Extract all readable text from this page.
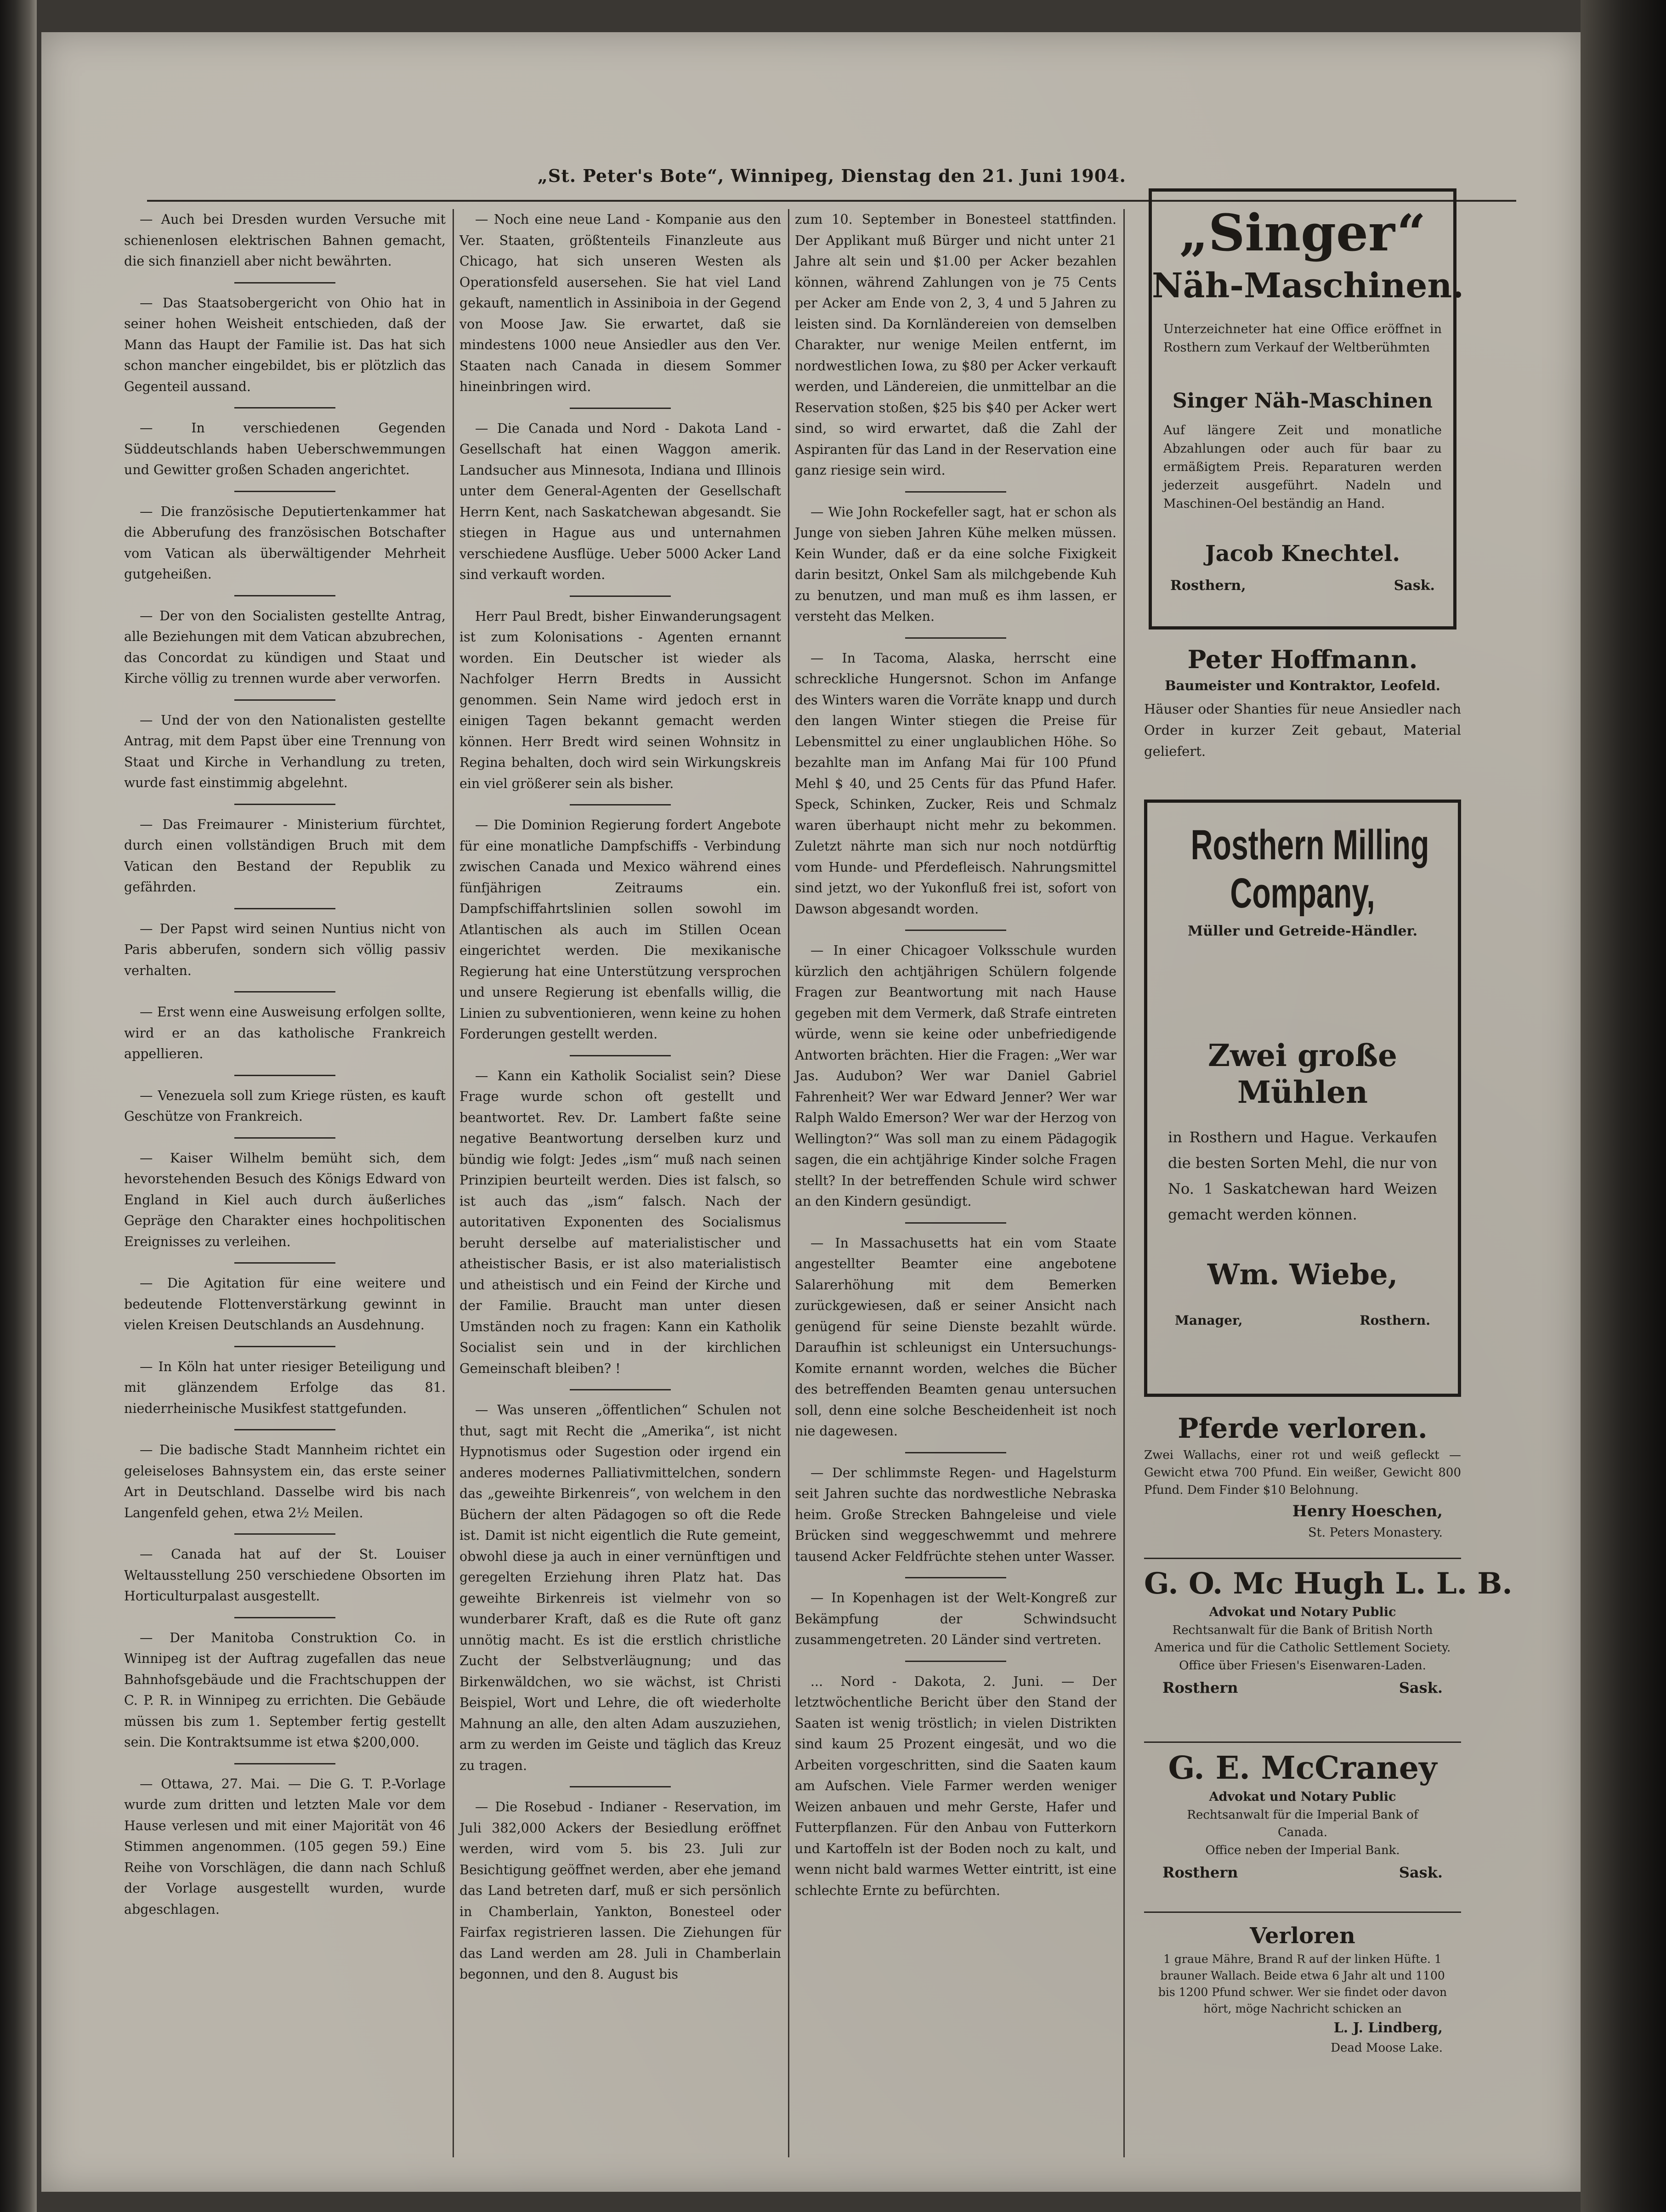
„St. Peter's Bote“, Winnipeg, Dienstag den 21. Juni 1904.

— Auch bei Dresden wurden Versuche mit schienenlosen elektrischen Bahnen gemacht, die sich finanziell aber nicht bewährten.

— Das Staatsobergericht von Ohio hat in seiner hohen Weisheit entschieden, daß der Mann das Haupt der Familie ist. Das hat sich schon mancher eingebildet, bis er plötzlich das Gegenteil aussand.

— In verschiedenen Gegenden Süddeutschlands haben Ueberschwemmungen und Gewitter großen Schaden angerichtet.

— Die französische Deputiertenkammer hat die Abberufung des französischen Botschafter vom Vatican als überwältigender Mehrheit gutgeheißen.

— Der von den Socialisten gestellte Antrag, alle Beziehungen mit dem Vatican abzubrechen, das Concordat zu kündigen und Staat und Kirche völlig zu trennen wurde aber verworfen.

— Und der von den Nationalisten gestellte Antrag, mit dem Papst über eine Trennung von Staat und Kirche in Verhandlung zu treten, wurde fast einstimmig abgelehnt.

— Das Freimaurer - Ministerium fürchtet, durch einen vollständigen Bruch mit dem Vatican den Bestand der Republik zu gefährden.

— Der Papst wird seinen Nuntius nicht von Paris abberufen, sondern sich völlig passiv verhalten.

— Erst wenn eine Ausweisung erfolgen sollte, wird er an das katholische Frankreich appellieren.

— Venezuela soll zum Kriege rüsten, es kauft Geschütze von Frankreich.

— Kaiser Wilhelm bemüht sich, dem hevorstehenden Besuch des Königs Edward von England in Kiel auch durch äußerliches Gepräge den Charakter eines hochpolitischen Ereignisses zu verleihen.

— Die Agitation für eine weitere und bedeutende Flottenverstärkung gewinnt in vielen Kreisen Deutschlands an Ausdehnung.

— In Köln hat unter riesiger Beteiligung und mit glänzendem Erfolge das 81. niederrheinische Musikfest stattgefunden.

— Die badische Stadt Mannheim richtet ein geleiseloses Bahnsystem ein, das erste seiner Art in Deutschland. Dasselbe wird bis nach Langenfeld gehen, etwa 2½ Meilen.

— Canada hat auf der St. Louiser Weltausstellung 250 verschiedene Obsorten im Horticulturpalast ausgestellt.

— Der Manitoba Construktion Co. in Winnipeg ist der Auftrag zugefallen das neue Bahnhofsgebäude und die Frachtschuppen der C. P. R. in Winnipeg zu errichten. Die Gebäude müssen bis zum 1. September fertig gestellt sein. Die Kontraktsumme ist etwa $200,000.

— Ottawa, 27. Mai. — Die G. T. P.-Vorlage wurde zum dritten und letzten Male vor dem Hause verlesen und mit einer Majorität von 46 Stimmen angenommen. (105 gegen 59.) Eine Reihe von Vorschlägen, die dann nach Schluß der Vorlage ausgestellt wurden, wurde abgeschlagen.

— Noch eine neue Land - Kompanie aus den Ver. Staaten, größtenteils Finanzleute aus Chicago, hat sich unseren Westen als Operationsfeld ausersehen. Sie hat viel Land gekauft, namentlich in Assiniboia in der Gegend von Moose Jaw. Sie erwartet, daß sie mindestens 1000 neue Ansiedler aus den Ver. Staaten nach Canada in diesem Sommer hineinbringen wird.

— Die Canada und Nord - Dakota Land - Gesellschaft hat einen Waggon amerik. Landsucher aus Minnesota, Indiana und Illinois unter dem General-Agenten der Gesellschaft Herrn Kent, nach Saskatchewan abgesandt. Sie stiegen in Hague aus und unternahmen verschiedene Ausflüge. Ueber 5000 Acker Land sind verkauft worden.

Herr Paul Bredt, bisher Einwanderungsagent ist zum Kolonisations - Agenten ernannt worden. Ein Deutscher ist wieder als Nachfolger Herrn Bredts in Aussicht genommen. Sein Name wird jedoch erst in einigen Tagen bekannt gemacht werden können. Herr Bredt wird seinen Wohnsitz in Regina behalten, doch wird sein Wirkungskreis ein viel größerer sein als bisher.

— Die Dominion Regierung fordert Angebote für eine monatliche Dampfschiffs - Verbindung zwischen Canada und Mexico während eines fünfjährigen Zeitraums ein. Dampfschiffahrtslinien sollen sowohl im Atlantischen als auch im Stillen Ocean eingerichtet werden. Die mexikanische Regierung hat eine Unterstützung versprochen und unsere Regierung ist ebenfalls willig, die Linien zu subventionieren, wenn keine zu hohen Forderungen gestellt werden.

— Kann ein Katholik Socialist sein? Diese Frage wurde schon oft gestellt und beantwortet. Rev. Dr. Lambert faßte seine negative Beantwortung derselben kurz und bündig wie folgt: Jedes „ism“ muß nach seinen Prinzipien beurteilt werden. Dies ist falsch, so ist auch das „ism“ falsch. Nach der autoritativen Exponenten des Socialismus beruht derselbe auf materialistischer und atheistischer Basis, er ist also materialistisch und atheistisch und ein Feind der Kirche und der Familie. Braucht man unter diesen Umständen noch zu fragen: Kann ein Katholik Socialist sein und in der kirchlichen Gemeinschaft bleiben? !

— Was unseren „öffentlichen“ Schulen not thut, sagt mit Recht die „Amerika“, ist nicht Hypnotismus oder Sugestion oder irgend ein anderes modernes Palliativmittelchen, sondern das „geweihte Birkenreis“, von welchem in den Büchern der alten Pädagogen so oft die Rede ist. Damit ist nicht eigentlich die Rute gemeint, obwohl diese ja auch in einer vernünftigen und geregelten Erziehung ihren Platz hat. Das geweihte Birkenreis ist vielmehr von so wunderbarer Kraft, daß es die Rute oft ganz unnötig macht. Es ist die erstlich christliche Zucht der Selbstverläugnung; und das Birkenwäldchen, wo sie wächst, ist Christi Beispiel, Wort und Lehre, die oft wiederholte Mahnung an alle, den alten Adam auszuziehen, arm zu werden im Geiste und täglich das Kreuz zu tragen.

— Die Rosebud - Indianer - Reservation, im Juli 382,000 Ackers der Besiedlung eröffnet werden, wird vom 5. bis 23. Juli zur Besichtigung geöffnet werden, aber ehe jemand das Land betreten darf, muß er sich persönlich in Chamberlain, Yankton, Bonesteel oder Fairfax registrieren lassen. Die Ziehungen für das Land werden am 28. Juli in Chamberlain begonnen, und den 8. August bis

zum 10. September in Bonesteel stattfinden. Der Applikant muß Bürger und nicht unter 21 Jahre alt sein und $1.00 per Acker bezahlen können, während Zahlungen von je 75 Cents per Acker am Ende von 2, 3, 4 und 5 Jahren zu leisten sind. Da Kornländereien von demselben Charakter, nur wenige Meilen entfernt, im nordwestlichen Iowa, zu $80 per Acker verkauft werden, und Ländereien, die unmittelbar an die Reservation stoßen, $25 bis $40 per Acker wert sind, so wird erwartet, daß die Zahl der Aspiranten für das Land in der Reservation eine ganz riesige sein wird.

— Wie John Rockefeller sagt, hat er schon als Junge von sieben Jahren Kühe melken müssen. Kein Wunder, daß er da eine solche Fixigkeit darin besitzt, Onkel Sam als milchgebende Kuh zu benutzen, und man muß es ihm lassen, er versteht das Melken.

— In Tacoma, Alaska, herrscht eine schreckliche Hungersnot. Schon im Anfange des Winters waren die Vorräte knapp und durch den langen Winter stiegen die Preise für Lebensmittel zu einer unglaublichen Höhe. So bezahlte man im Anfang Mai für 100 Pfund Mehl $ 40, und 25 Cents für das Pfund Hafer. Speck, Schinken, Zucker, Reis und Schmalz waren überhaupt nicht mehr zu bekommen. Zuletzt nährte man sich nur noch notdürftig vom Hunde- und Pferdefleisch. Nahrungsmittel sind jetzt, wo der Yukonfluß frei ist, sofort von Dawson abgesandt worden.

— In einer Chicagoer Volksschule wurden kürzlich den achtjährigen Schülern folgende Fragen zur Beantwortung mit nach Hause gegeben mit dem Vermerk, daß Strafe eintreten würde, wenn sie keine oder unbefriedigende Antworten brächten. Hier die Fragen: „Wer war Jas. Audubon? Wer war Daniel Gabriel Fahrenheit? Wer war Edward Jenner? Wer war Ralph Waldo Emerson? Wer war der Herzog von Wellington?“ Was soll man zu einem Pädagogik sagen, die ein achtjährige Kinder solche Fragen stellt? In der betreffenden Schule wird schwer an den Kindern gesündigt.

— In Massachusetts hat ein vom Staate angestellter Beamter eine angebotene Salarerhöhung mit dem Bemerken zurückgewiesen, daß er seiner Ansicht nach genügend für seine Dienste bezahlt würde. Daraufhin ist schleunigst ein Untersuchungs-Komite ernannt worden, welches die Bücher des betreffenden Beamten genau untersuchen soll, denn eine solche Bescheidenheit ist noch nie dagewesen.

— Der schlimmste Regen- und Hagelsturm seit Jahren suchte das nordwestliche Nebraska heim. Große Strecken Bahngeleise und viele Brücken sind weggeschwemmt und mehrere tausend Acker Feldfrüchte stehen unter Wasser.

— In Kopenhagen ist der Welt-Kongreß zur Bekämpfung der Schwindsucht zusammengetreten. 20 Länder sind vertreten.

... Nord - Dakota, 2. Juni. — Der letztwöchentliche Bericht über den Stand der Saaten ist wenig tröstlich; in vielen Distrikten sind kaum 25 Prozent eingesät, und wo die Arbeiten vorgeschritten, sind die Saaten kaum am Aufschen. Viele Farmer werden weniger Weizen anbauen und mehr Gerste, Hafer und Futterpflanzen. Für den Anbau von Futterkorn und Kartoffeln ist der Boden noch zu kalt, und wenn nicht bald warmes Wetter eintritt, ist eine schlechte Ernte zu befürchten.

„Singer“
Näh-Maschinen.
Unterzeichneter hat eine Office eröffnet in Rosthern zum Verkauf der Weltberühmten
Singer Näh-Maschinen
Auf längere Zeit und monatliche Abzahlungen oder auch für baar zu ermäßigtem Preis. Reparaturen werden jederzeit ausgeführt. Nadeln und Maschinen-Oel beständig an Hand.
Jacob Knechtel.
Rosthern,	Sask.
Peter Hoffmann.
Baumeister und Kontraktor, Leofeld.
Häuser oder Shanties für neue Ansiedler nach Order in kurzer Zeit gebaut, Material geliefert.
Rosthern Milling
Company,
Müller und Getreide-Händler.
Zwei große
Mühlen
in Rosthern und Hague. Verkaufen die besten Sorten Mehl, die nur von No. 1 Saskatchewan hard Weizen gemacht werden können.
Wm. Wiebe,
Manager,	Rosthern.
Pferde verloren.
Zwei Wallachs, einer rot und weiß gefleckt — Gewicht etwa 700 Pfund. Ein weißer, Gewicht 800 Pfund. Dem Finder $10 Belohnung.
Henry Hoeschen,
St. Peters Monastery.
G. O. Mc Hugh L. L. B.
Advokat und Notary Public
Rechtsanwalt für die Bank of British North America und für die Catholic Settlement Society.
Office über Friesen's Eisenwaren-Laden.
Rosthern	Sask.
G. E. McCraney
Advokat und Notary Public
Rechtsanwalt für die Imperial Bank of Canada.
Office neben der Imperial Bank.
Rosthern	Sask.
Verloren
1 graue Mähre, Brand R auf der linken Hüfte. 1 brauner Wallach. Beide etwa 6 Jahr alt und 1100 bis 1200 Pfund schwer. Wer sie findet oder davon hört, möge Nachricht schicken an
L. J. Lindberg,
Dead Moose Lake.
